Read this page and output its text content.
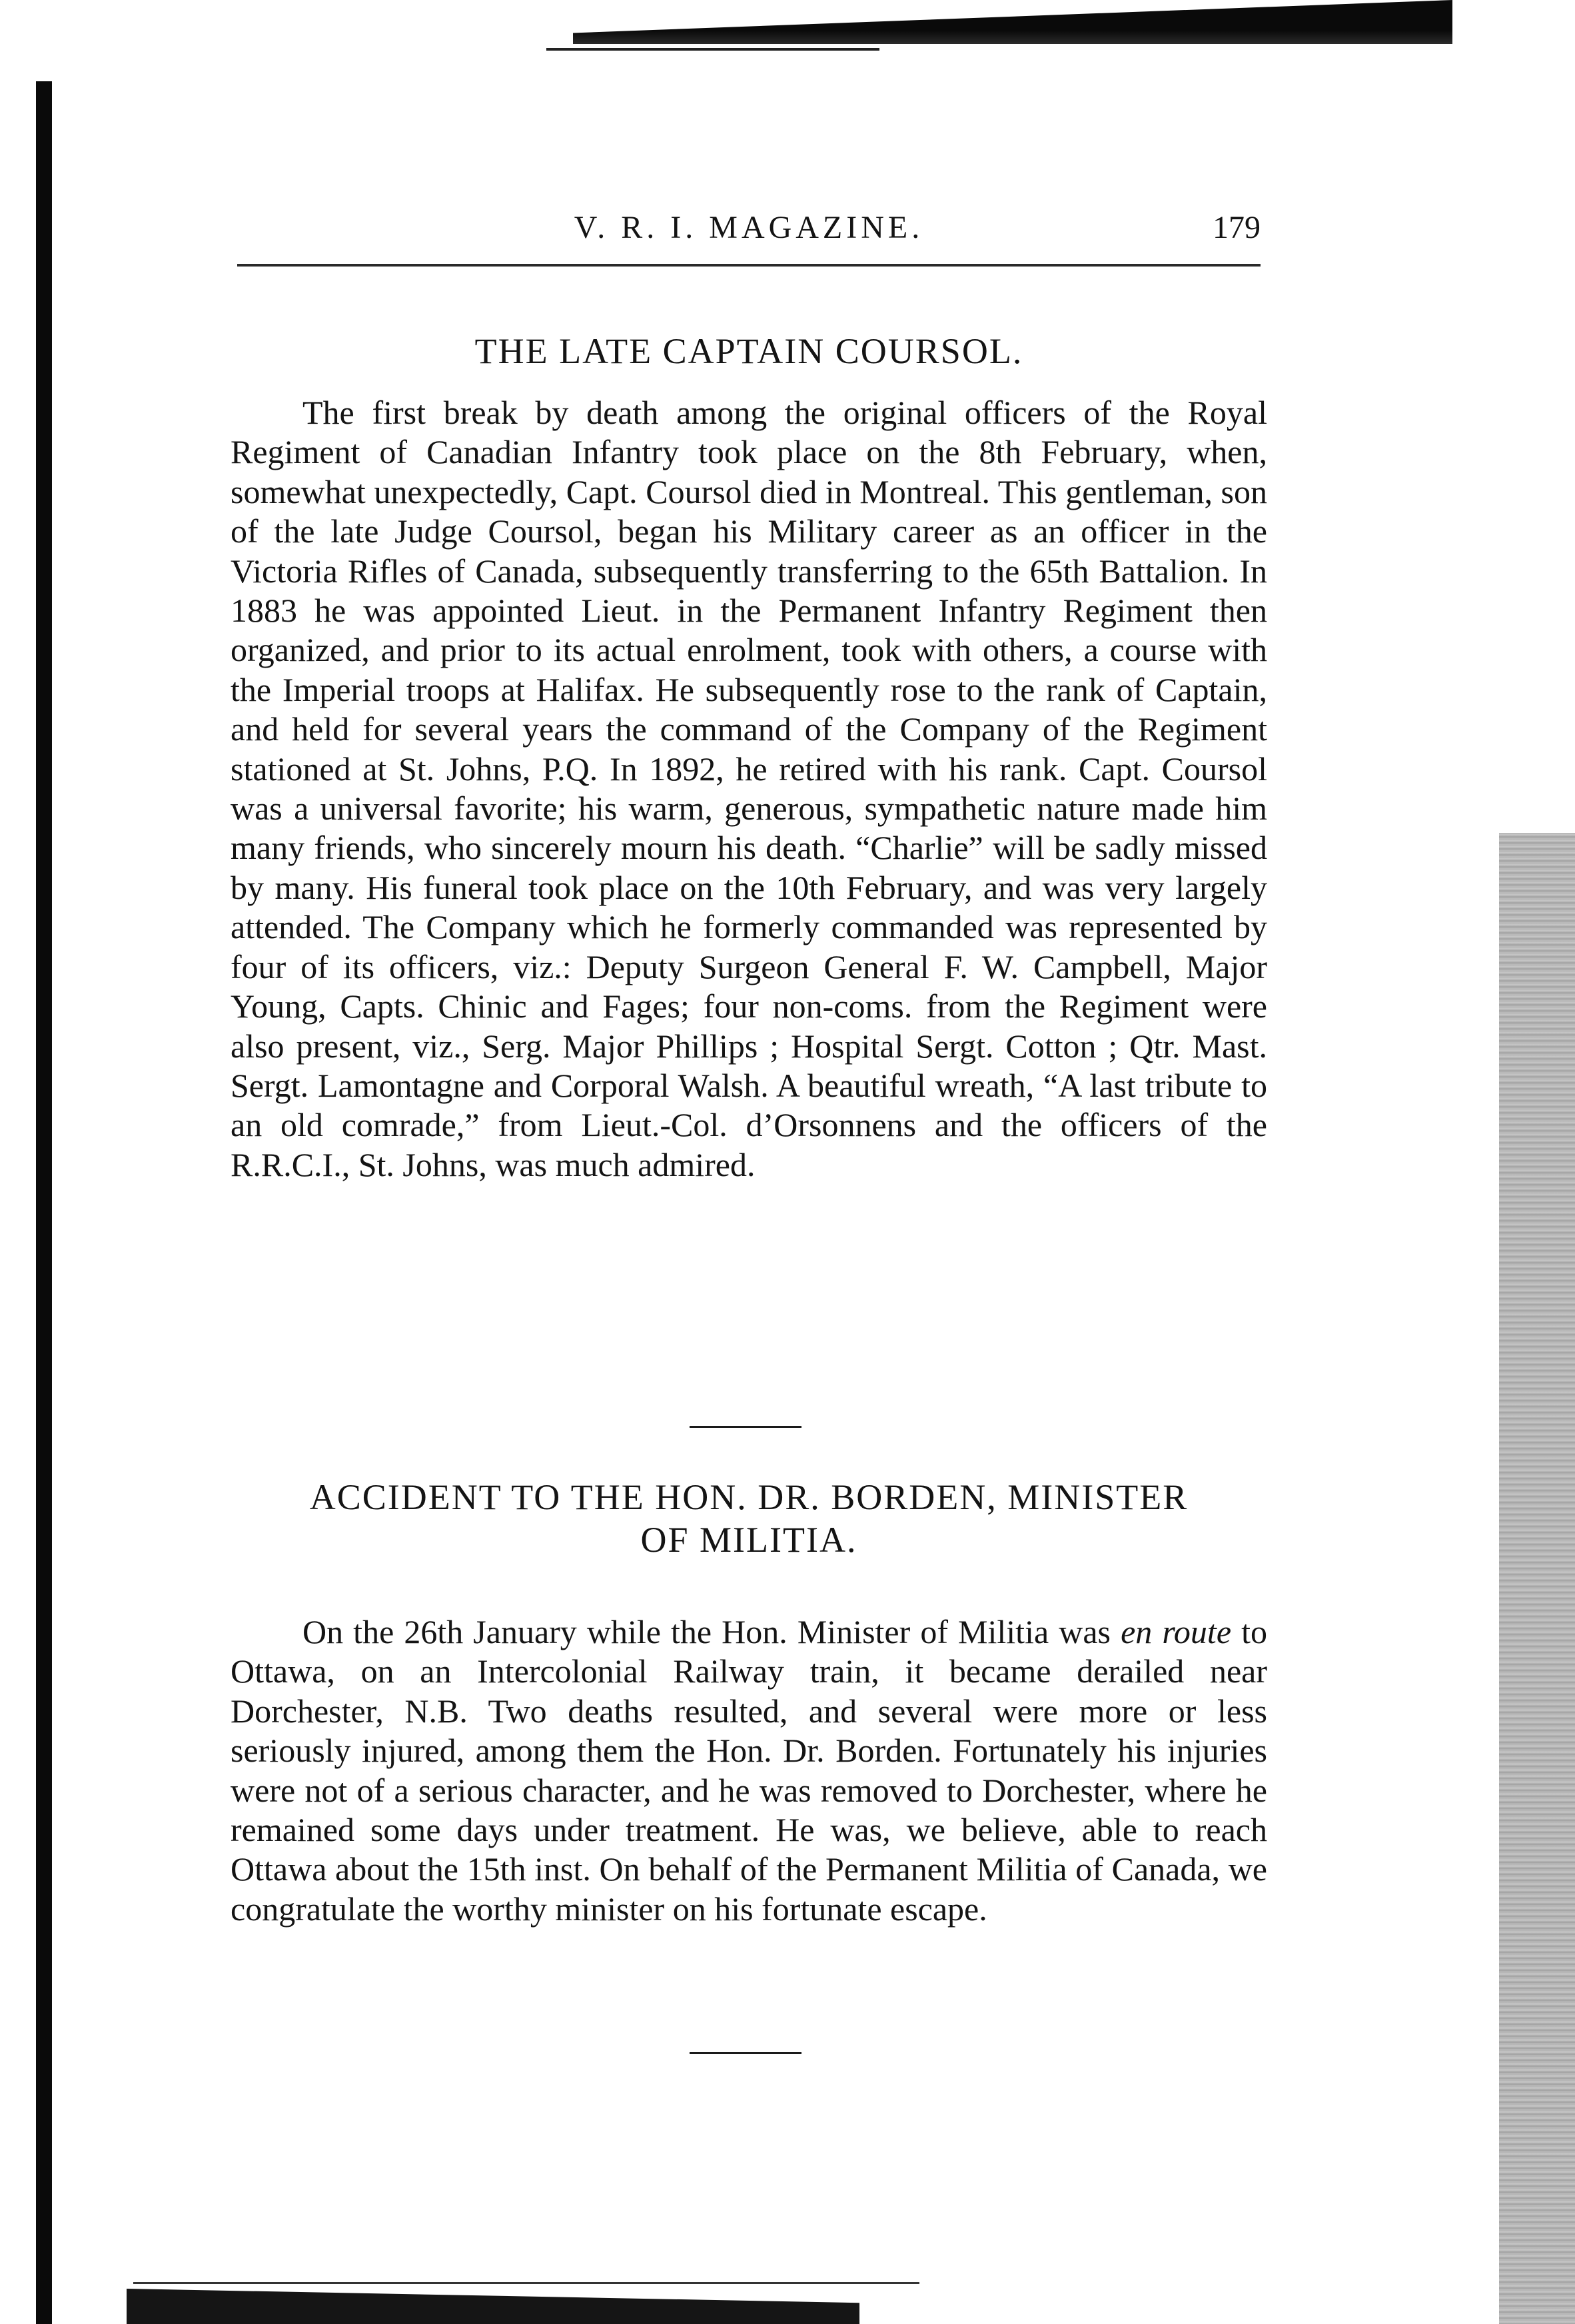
V. R. I. MAGAZINE.	179
THE LATE CAPTAIN COURSOL.
The first break by death among the original officers of the Royal Regiment of Canadian Infantry took place on the 8th February, when, somewhat unexpectedly, Capt. Coursol died in Montreal. This gentleman, son of the late Judge Coursol, began his Military career as an officer in the Victoria Rifles of Canada, subsequently transferring to the 65th Battalion. In 1883 he was appointed Lieut. in the Permanent Infantry Regiment then organized, and prior to its actual enrolment, took with others, a course with the Imperial troops at Halifax. He subsequently rose to the rank of Captain, and held for several years the command of the Company of the Regiment stationed at St. Johns, P.Q. In 1892, he retired with his rank. Capt. Coursol was a universal favorite; his warm, generous, sympathetic nature made him many friends, who sincerely mourn his death. “Charlie” will be sadly missed by many. His funeral took place on the 10th February, and was very largely attended. The Company which he formerly commanded was represented by four of its officers, viz.: Deputy Surgeon General F. W. Campbell, Major Young, Capts. Chinic and Fages; four non-coms. from the Regiment were also present, viz., Serg. Major Phillips ; Hospital Sergt. Cotton ; Qtr. Mast. Sergt. Lamontagne and Corporal Walsh. A beautiful wreath, “A last tribute to an old comrade,” from Lieut.-Col. d’Orsonnens and the officers of the R.R.C.I., St. Johns, was much admired.
ACCIDENT TO THE HON. DR. BORDEN, MINISTER
OF MILITIA.
On the 26th January while the Hon. Minister of Militia was en route to Ottawa, on an Intercolonial Railway train, it became derailed near Dorchester, N.B. Two deaths resulted, and several were more or less seriously injured, among them the Hon. Dr. Borden. Fortunately his injuries were not of a serious character, and he was removed to Dorchester, where he remained some days under treatment. He was, we believe, able to reach Ottawa about the 15th inst. On behalf of the Permanent Militia of Canada, we congratulate the worthy minister on his fortunate escape.
